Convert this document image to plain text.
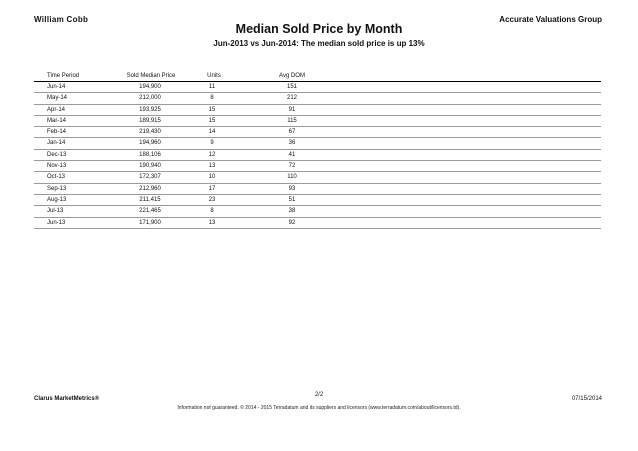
William Cobb	Accurate Valuations Group
Median Sold Price by Month
Jun-2013 vs Jun-2014: The median sold price is up 13%
Time Period	Sold Median Price	Units	Avg DOM
Jun-14	194,900	11	151
May-14	212,000	8	212
Apr-14	193,925	15	91
Mar-14	189,915	15	115
Feb-14	219,430	14	67
Jan-14	194,960	9	36
Dec-13	188,106	12	41
Nov-13	190,940	13	72
Oct-13	172,307	10	110
Sep-13	212,960	17	93
Aug-13	211,415	23	51
Jul-13	221,465	8	38
Jun-13	171,900	13	92
Clarus MarketMetrics®
2/2
07/15/2014
Information not guaranteed. © 2014 - 2015 Terradatum and its suppliers and licensors (www.terradatum.com/about/licensors.td).
